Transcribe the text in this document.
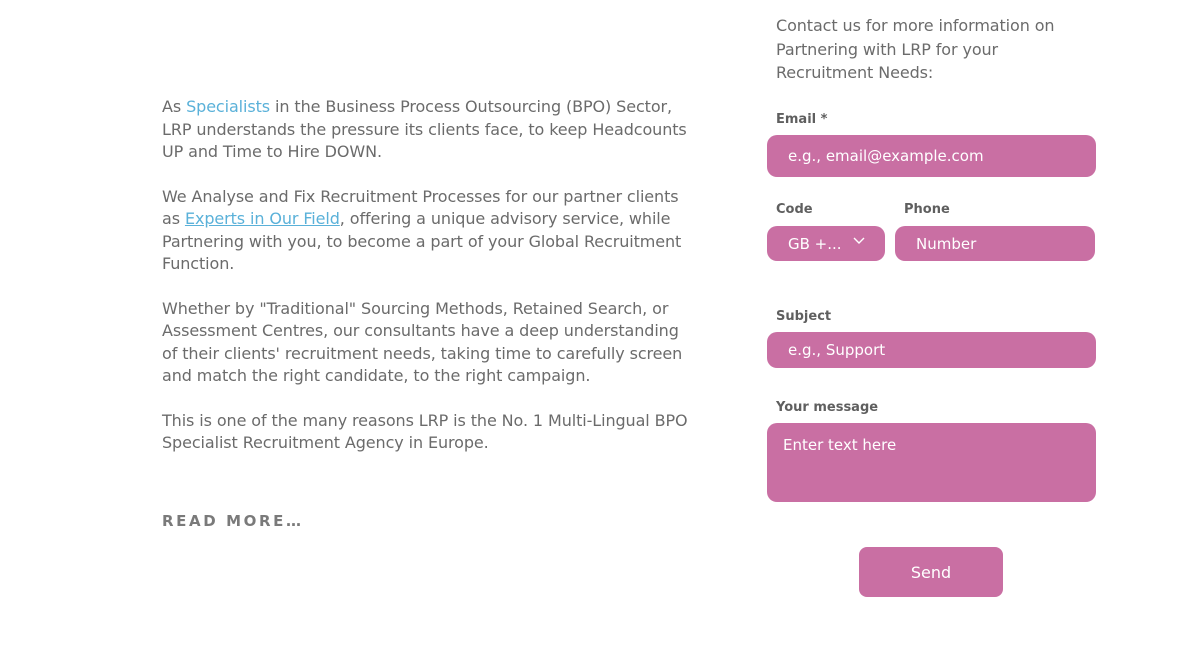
As Specialists in the Business Process Outsourcing (BPO) Sector, LRP understands the pressure its clients face, to keep Headcounts UP and Time to Hire DOWN.

We Analyse and Fix Recruitment Processes for our partner clients as Experts in Our Field, offering a unique advisory service, while Partnering with you, to become a part of your Global Recruitment Function.

Whether by "Traditional" Sourcing Methods, Retained Search, or Assessment Centres, our consultants have a deep understanding of their clients' recruitment needs, taking time to carefully screen and match the right candidate, to the right campaign.

This is one of the many reasons LRP is the No. 1 Multi-Lingual BPO Specialist Recruitment Agency in Europe.

READ MORE…
Contact us for more information on Partnering with LRP for your Recruitment Needs:
Email *
e.g., email@example.com
Code
GB +...
Phone
Number
Subject
e.g., Support
Your message
Enter text here
Send
